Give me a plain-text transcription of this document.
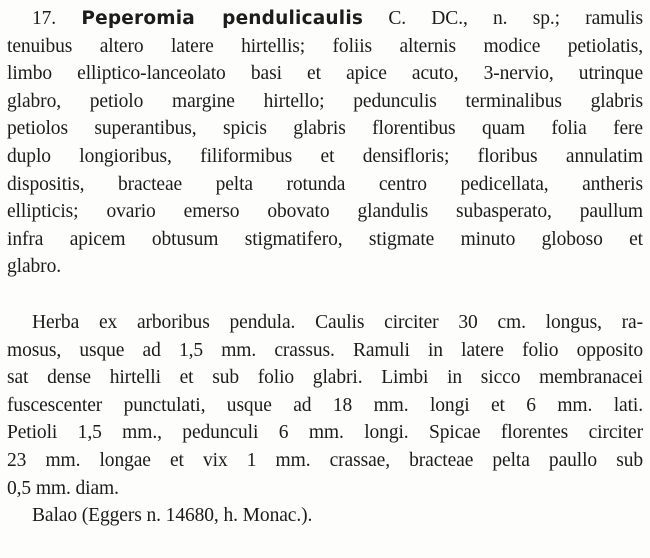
17. Peperomia pendulicaulis C. DC., n. sp.; ramulis
tenuibus altero latere hirtellis; foliis alternis modice petiolatis,
limbo elliptico-lanceolato basi et apice acuto, 3-nervio, utrinque
glabro, petiolo margine hirtello; pedunculis terminalibus glabris
petiolos superantibus, spicis glabris florentibus quam folia fere
duplo longioribus, filiformibus et densifloris; floribus annulatim
dispositis, bracteae pelta rotunda centro pedicellata, antheris
ellipticis; ovario emerso obovato glandulis subasperato, paullum
infra apicem obtusum stigmatifero, stigmate minuto globoso et
glabro.

Herba ex arboribus pendula. Caulis circiter 30 cm. longus, ra-
mosus, usque ad 1,5 mm. crassus. Ramuli in latere folio opposito
sat dense hirtelli et sub folio glabri. Limbi in sicco membranacei
fuscescenter punctulati, usque ad 18 mm. longi et 6 mm. lati.
Petioli 1,5 mm., pedunculi 6 mm. longi. Spicae florentes circiter
23 mm. longae et vix 1 mm. crassae, bracteae pelta paullo sub
0,5 mm. diam.

Balao (Eggers n. 14680, h. Monac.).
